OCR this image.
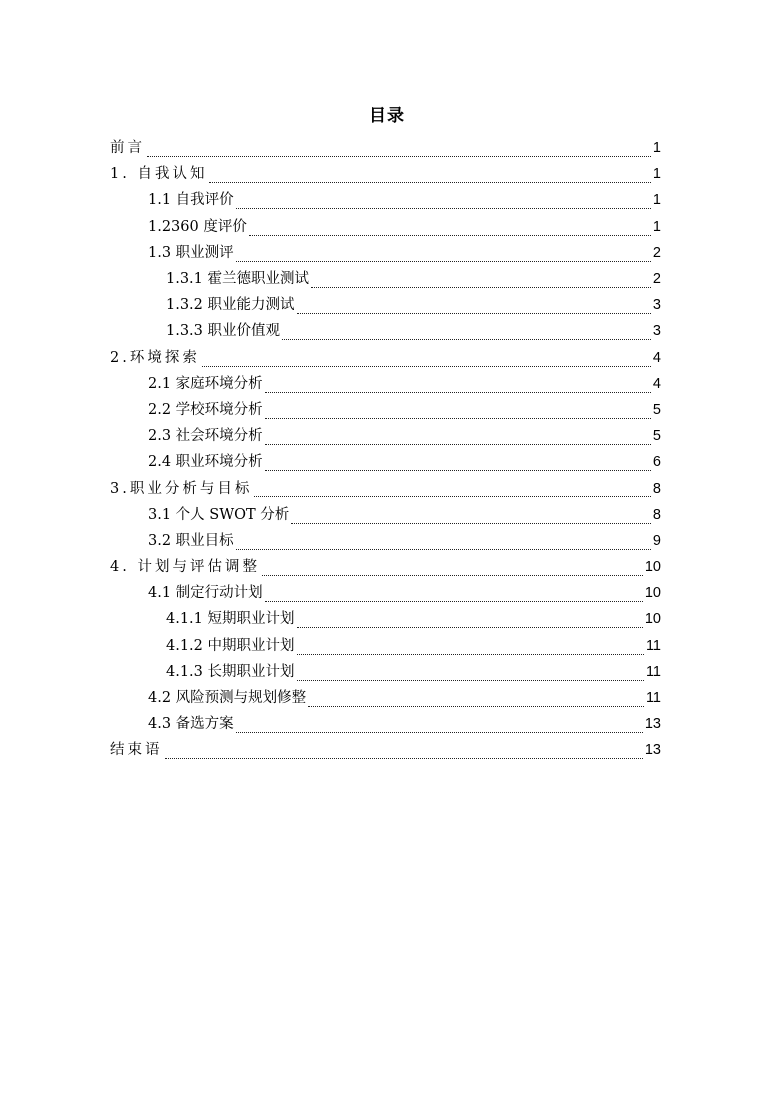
目录
前言	1
1. 自我认知	1
1.1 自我评价	1
1.2360 度评价	1
1.3 职业测评	2
1.3.1 霍兰德职业测试	2
1.3.2 职业能力测试	3
1.3.3 职业价值观	3
2.环境探索	4
2.1 家庭环境分析	4
2.2 学校环境分析	5
2.3 社会环境分析	5
2.4 职业环境分析	6
3.职业分析与目标	8
3.1 个人 SWOT 分析	8
3.2 职业目标	9
4. 计划与评估调整	10
4.1 制定行动计划	10
4.1.1 短期职业计划	10
4.1.2 中期职业计划	11
4.1.3 长期职业计划	11
4.2 风险预测与规划修整	11
4.3 备选方案	13
结束语	13
